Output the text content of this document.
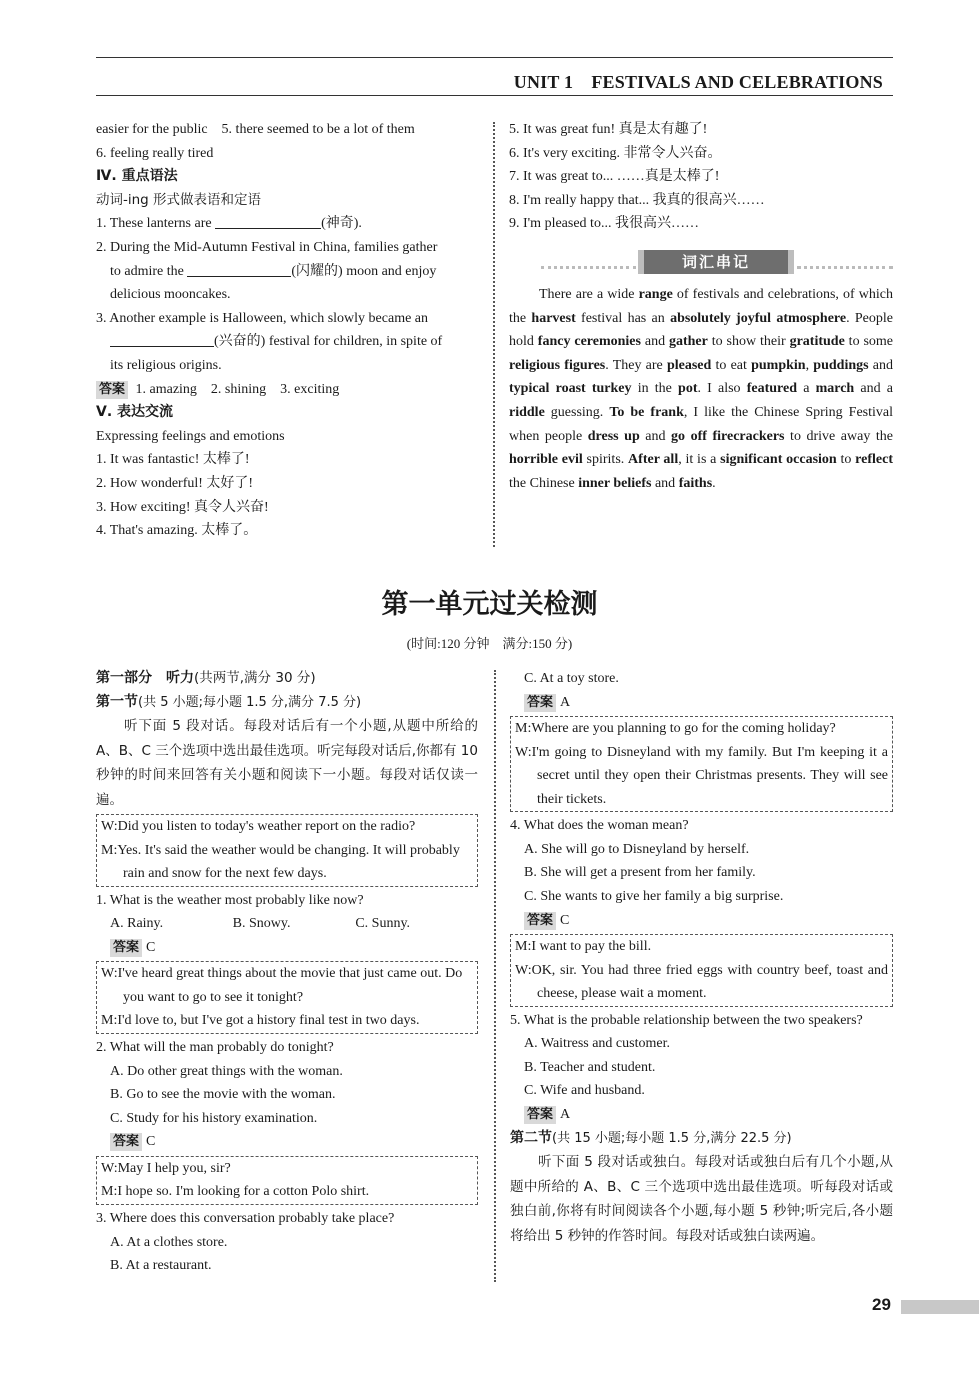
UNIT 1　FESTIVALS AND CELEBRATIONS

easier for the public　5. there seemed to be a lot of them

6. feeling really tired

Ⅳ. 重点语法

动词-ing 形式做表语和定语

1. These lanterns are	(神奇).

2. During the Mid-Autumn Festival in China, families gather

to admire the	(闪耀的) moon and enjoy

delicious mooncakes.

3. Another example is Halloween, which slowly became an

(兴奋的) festival for children, in spite of

its religious origins.

答案 1. amazing　2. shining　3. exciting

Ⅴ. 表达交流

Expressing feelings and emotions

1. It was fantastic! 太棒了!

2. How wonderful! 太好了!

3. How exciting! 真令人兴奋!

4. That's amazing. 太棒了。

5. It was great fun! 真是太有趣了!

6. It's very exciting. 非常令人兴奋。

7. It was great to... ……真是太棒了!

8. I'm really happy that... 我真的很高兴……

9. I'm pleased to... 我很高兴……

词汇串记
There are a wide range of festivals and celebrations, of which the harvest festival has an absolutely joyful atmosphere. People hold fancy ceremonies and gather to show their gratitude to some religious figures. They are pleased to eat pumpkin, puddings and typical roast turkey in the pot. I also featured a march and a riddle guessing. To be frank, I like the Chinese Spring Festival when people dress up and go off firecrackers to drive away the horrible evil spirits. After all, it is a significant occasion to reflect the Chinese inner beliefs and faiths.
第一单元过关检测
(时间:120 分钟　满分:150 分)

第一部分　听力(共两节,满分 30 分)

第一节(共 5 小题;每小题 1.5 分,满分 7.5 分)

听下面 5 段对话。每段对话后有一个小题,从题中所给的 A、B、C 三个选项中选出最佳选项。听完每段对话后,你都有 10 秒钟的时间来回答有关小题和阅读下一小题。每段对话仅读一遍。

W:Did you listen to today's weather report on the radio?

M:Yes. It's said the weather would be changing. It will probably rain and snow for the next few days.

1. What is the weather most probably like now?

A. Rainy.	B. Snowy.	C. Sunny.

答案 C

W:I've heard great things about the movie that just came out. Do you want to go to see it tonight?

M:I'd love to, but I've got a history final test in two days.

2. What will the man probably do tonight?

A. Do other great things with the woman.

B. Go to see the movie with the woman.

C. Study for his history examination.

答案 C

W:May I help you, sir?

M:I hope so. I'm looking for a cotton Polo shirt.

3. Where does this conversation probably take place?

A. At a clothes store.

B. At a restaurant.

C. At a toy store.

答案 A

M:Where are you planning to go for the coming holiday?

W:I'm going to Disneyland with my family. But I'm keeping it a secret until they open their Christmas presents. They will see their tickets.

4. What does the woman mean?

A. She will go to Disneyland by herself.

B. She will get a present from her family.

C. She wants to give her family a big surprise.

答案 C

M:I want to pay the bill.

W:OK, sir. You had three fried eggs with country beef, toast and cheese, please wait a moment.

5. What is the probable relationship between the two speakers?

A. Waitress and customer.

B. Teacher and student.

C. Wife and husband.

答案 A

第二节(共 15 小题;每小题 1.5 分,满分 22.5 分)

听下面 5 段对话或独白。每段对话或独白后有几个小题,从题中所给的 A、B、C 三个选项中选出最佳选项。听每段对话或独白前,你将有时间阅读各个小题,每小题 5 秒钟;听完后,各小题将给出 5 秒钟的作答时间。每段对话或独白读两遍。

29
